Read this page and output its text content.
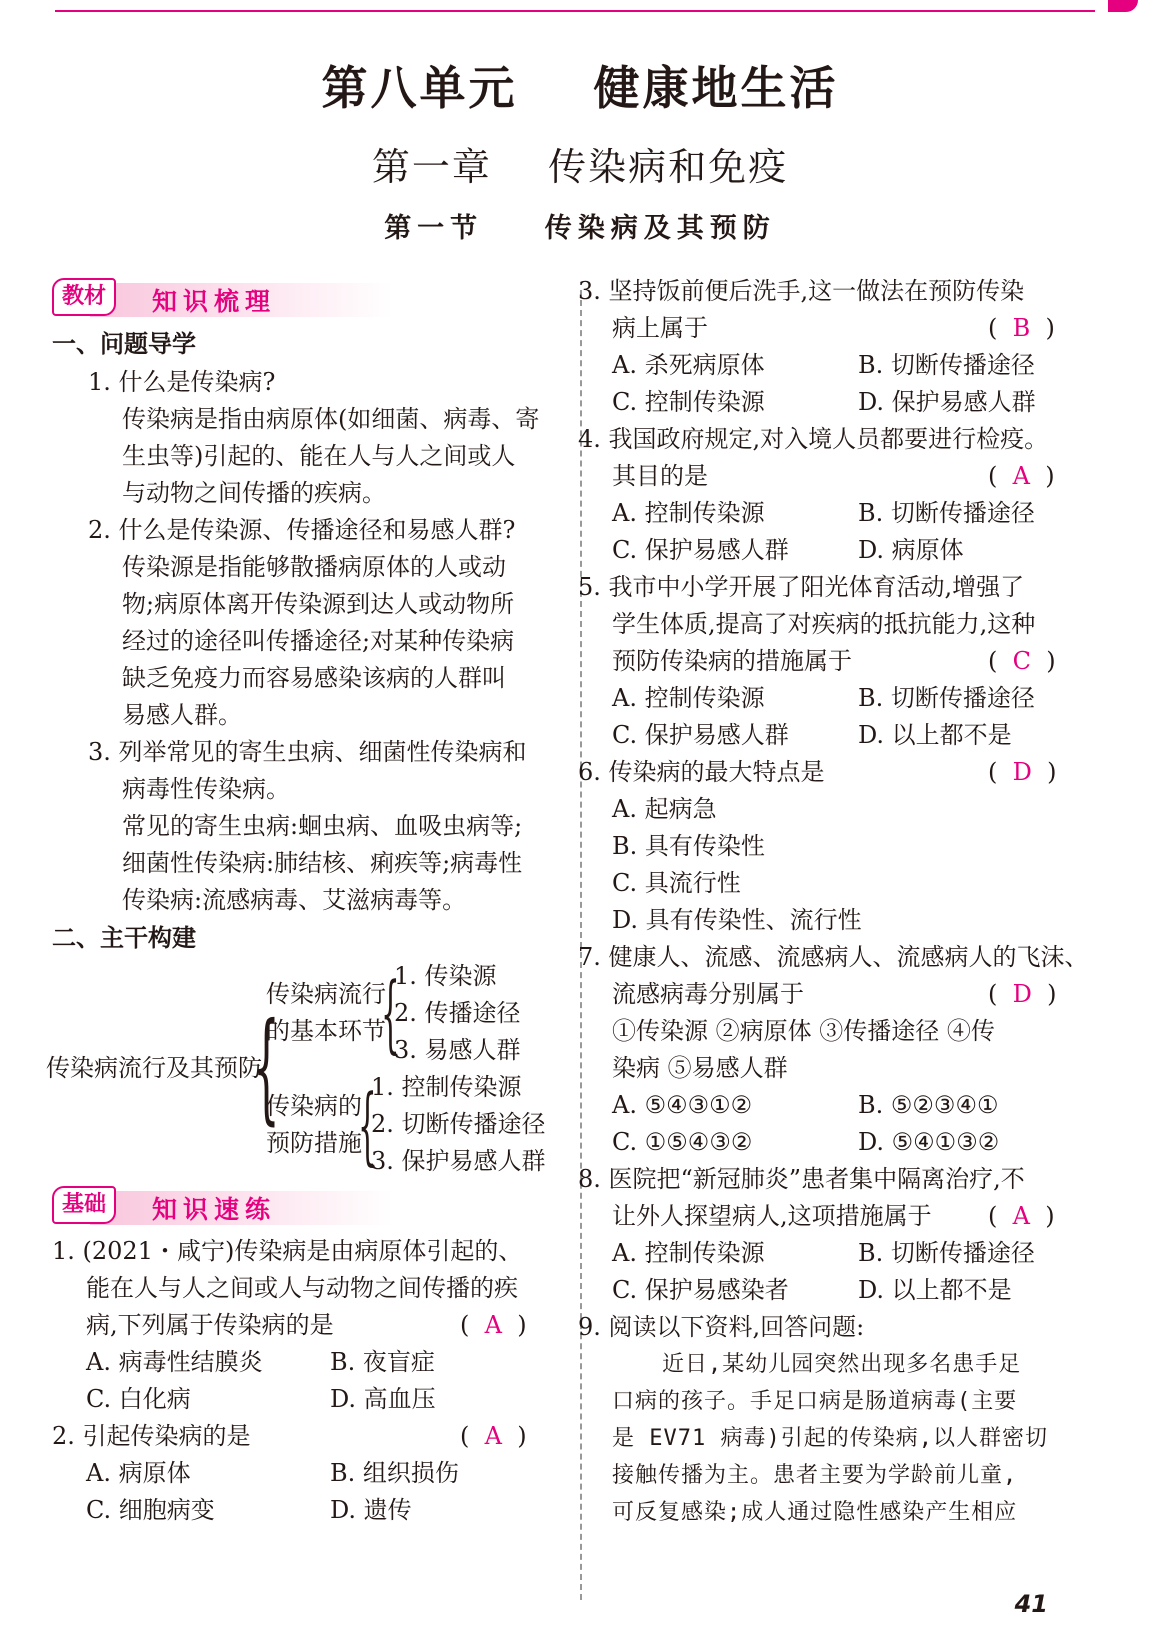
第八单元    健康地生活
第一章    传染病和免疫
第一节    传染病及其预防
教材	知识梳理
一、问题导学
1. 什么是传染病?
传染病是指由病原体(如细菌、病毒、寄
生虫等)引起的、能在人与人之间或人
与动物之间传播的疾病。
2. 什么是传染源、传播途径和易感人群?
传染源是指能够散播病原体的人或动
物;病原体离开传染源到达人或动物所
经过的途径叫传播途径;对某种传染病
缺乏免疫力而容易感染该病的人群叫
易感人群。
3. 列举常见的寄生虫病、细菌性传染病和
病毒性传染病。
常见的寄生虫病:蛔虫病、血吸虫病等;
细菌性传染病:肺结核、痢疾等;病毒性
传染病:流感病毒、艾滋病毒等。
二、主干构建
传染病流行及其预防
{
传染病流行
的基本环节
{
1. 传染源
2. 传播途径
3. 易感人群
传染病的
预防措施
{
1. 控制传染源
2. 切断传播途径
3. 保护易感人群
基础	知识速练
1. (2021・咸宁)传染病是由病原体引起的、
能在人与人之间或人与动物之间传播的疾
病,下列属于传染病的是	(  A  )
A. 病毒性结膜炎	B. 夜盲症
C. 白化病	D. 高血压
2. 引起传染病的是	(  A  )
A. 病原体	B. 组织损伤
C. 细胞病变	D. 遗传
3. 坚持饭前便后洗手,这一做法在预防传染
病上属于	(  B  )
A. 杀死病原体	B. 切断传播途径
C. 控制传染源	D. 保护易感人群
4. 我国政府规定,对入境人员都要进行检疫。
其目的是	(  A  )
A. 控制传染源	B. 切断传播途径
C. 保护易感人群	D. 病原体
5. 我市中小学开展了阳光体育活动,增强了
学生体质,提高了对疾病的抵抗能力,这种
预防传染病的措施属于	(  C  )
A. 控制传染源	B. 切断传播途径
C. 保护易感人群	D. 以上都不是
6. 传染病的最大特点是	(  D  )
A. 起病急
B. 具有传染性
C. 具流行性
D. 具有传染性、流行性
7. 健康人、流感、流感病人、流感病人的飞沫、
流感病毒分别属于	(  D  )
①传染源 ②病原体 ③传播途径 ④传
染病 ⑤易感人群
A. ⑤④③①②	B. ⑤②③④①
C. ①⑤④③②	D. ⑤④①③②
8. 医院把“新冠肺炎”患者集中隔离治疗,不
让外人探望病人,这项措施属于 (  A  )
A. 控制传染源	B. 切断传播途径
C. 保护易感染者	D. 以上都不是
9. 阅读以下资料,回答问题:
近日,某幼儿园突然出现多名患手足
口病的孩子。手足口病是肠道病毒(主要
是 EV71 病毒)引起的传染病,以人群密切
接触传播为主。患者主要为学龄前儿童,
可反复感染;成人通过隐性感染产生相应
41
